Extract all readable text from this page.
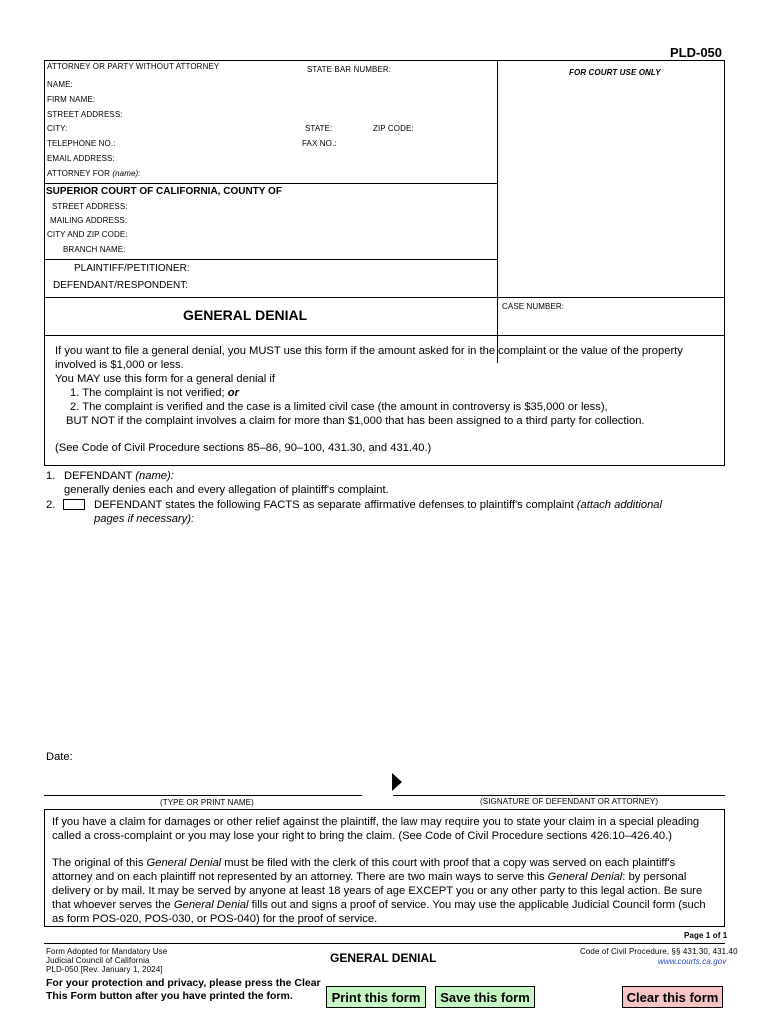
PLD-050
ATTORNEY OR PARTY WITHOUT ATTORNEY	STATE BAR NUMBER:	FOR COURT USE ONLY
NAME:
FIRM NAME:
STREET ADDRESS:
CITY:	STATE:	ZIP CODE:
TELEPHONE NO.:	FAX NO.:
EMAIL ADDRESS:
ATTORNEY FOR (name):
SUPERIOR COURT OF CALIFORNIA, COUNTY OF
STREET ADDRESS:
MAILING ADDRESS:
CITY AND ZIP CODE:
BRANCH NAME:
PLAINTIFF/PETITIONER:
DEFENDANT/RESPONDENT:
GENERAL DENIAL
CASE NUMBER:
If you want to file a general denial, you MUST use this form if the amount asked for in the complaint or the value of the property
involved is $1,000 or less.
You MAY use this form for a general denial if
1. The complaint is not verified; or
2. The complaint is verified and the case is a limited civil case (the amount in controversy is $35,000 or less),
BUT NOT if the complaint involves a claim for more than $1,000 that has been assigned to a third party for collection.
(See Code of Civil Procedure sections 85–86, 90–100, 431.30, and 431.40.)
1. DEFENDANT (name):
generally denies each and every allegation of plaintiff's complaint.
2.	DEFENDANT states the following FACTS as separate affirmative defenses to plaintiff's complaint (attach additional
pages if necessary):
Date:
(TYPE OR PRINT NAME)	(SIGNATURE OF DEFENDANT OR ATTORNEY)
If you have a claim for damages or other relief against the plaintiff, the law may require you to state your claim in a special pleading
called a cross-complaint or you may lose your right to bring the claim. (See Code of Civil Procedure sections 426.10–426.40.)
The original of this General Denial must be filed with the clerk of this court with proof that a copy was served on each plaintiff's
attorney and on each plaintiff not represented by an attorney. There are two main ways to serve this General Denial: by personal
delivery or by mail. It may be served by anyone at least 18 years of age EXCEPT you or any other party to this legal action. Be sure
that whoever serves the General Denial fills out and signs a proof of service. You may use the applicable Judicial Council form (such
as form POS-020, POS-030, or POS-040) for the proof of service.
Page 1 of 1
Form Adopted for Mandatory Use
Judicial Council of California
PLD-050 [Rev. January 1, 2024]
GENERAL DENIAL	Code of Civil Procedure, §§ 431.30, 431.40
www.courts.ca.gov
For your protection and privacy, please press the Clear
This Form button after you have printed the form.	Print this form	Save this form	Clear this form
